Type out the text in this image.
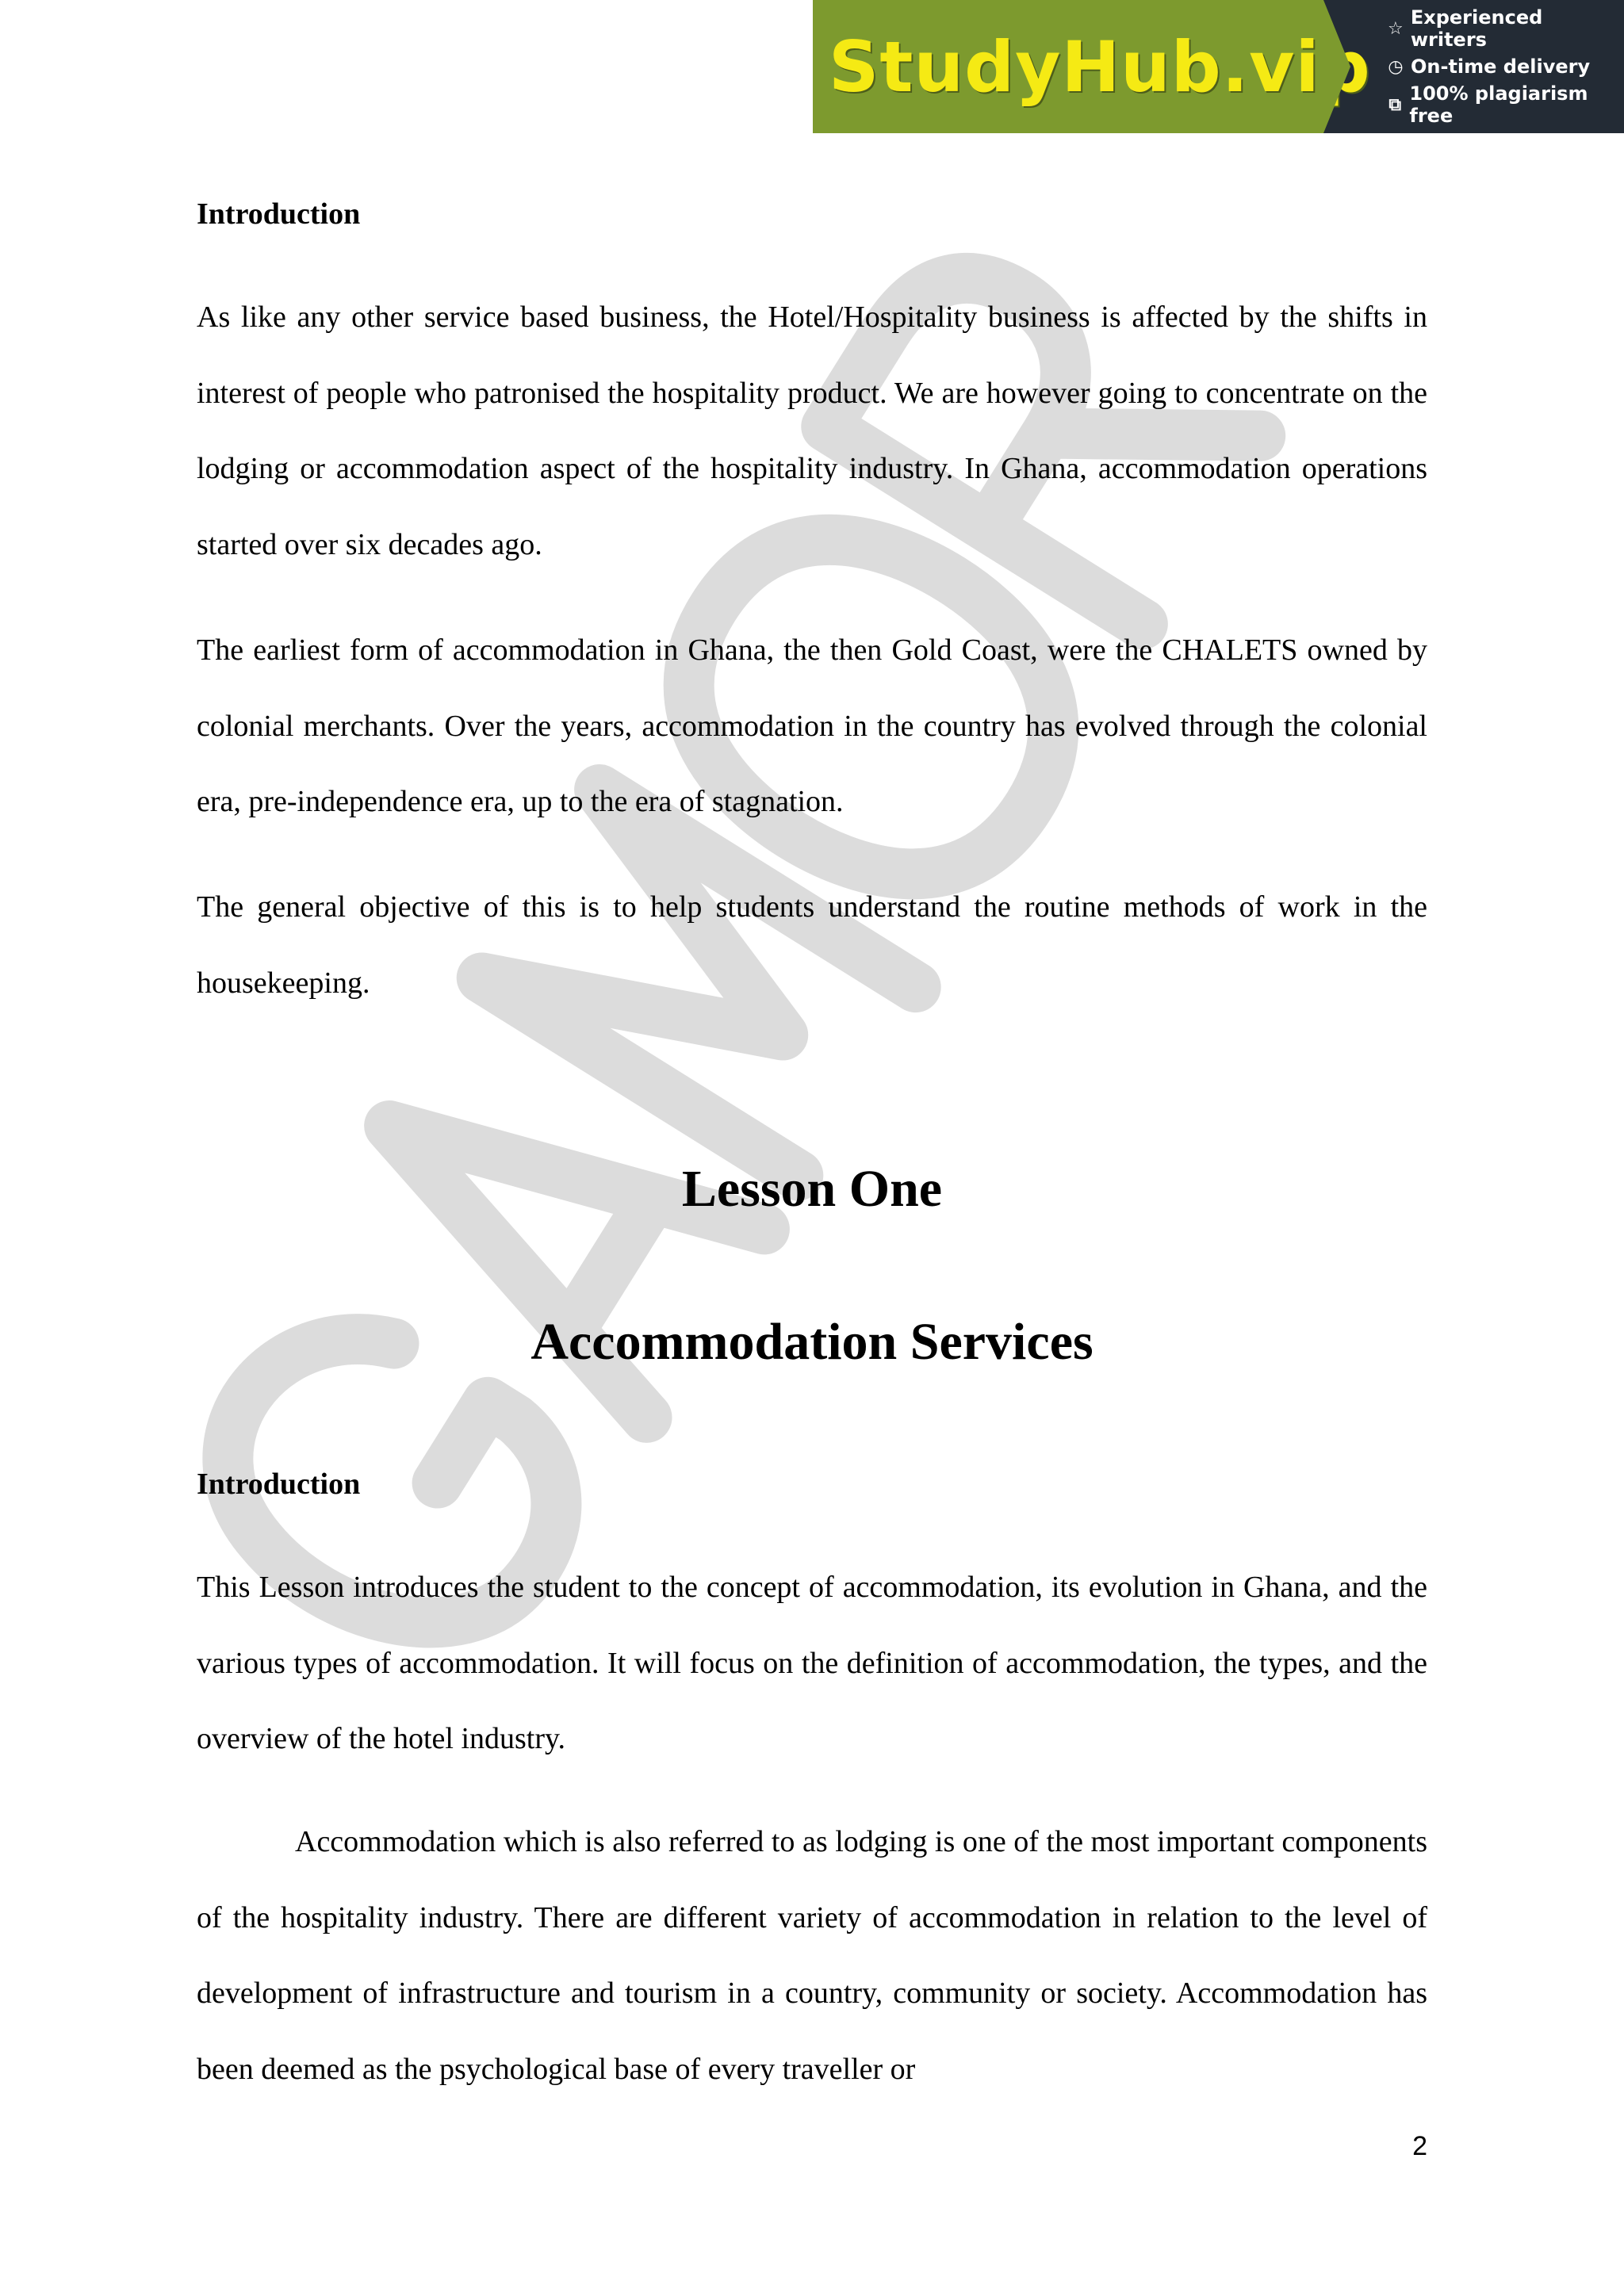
StudyHub.vip ☆ Experienced writers
◷ On-time delivery
⧉ 100% plagiarism free
Introduction

As like any other service based business, the Hotel/Hospitality business is affected by the shifts in interest of people who patronised the hospitality product. We are however going to concentrate on the lodging or accommodation aspect of the hospitality industry. In Ghana, accommodation operations started over six decades ago.

The earliest form of accommodation in Ghana, the then Gold Coast, were the CHALETS owned by colonial merchants. Over the years, accommodation in the country has evolved through the colonial era, pre-independence era, up to the era of stagnation.

The general objective of this is to help students understand the routine methods of work in the housekeeping.

Lesson One
Accommodation Services
Introduction

This Lesson introduces the student to the concept of accommodation, its evolution in Ghana, and the various types of accommodation. It will focus on the definition of accommodation, the types, and the overview of the hotel industry.

Accommodation which is also referred to as lodging is one of the most important components of the hospitality industry. There are different variety of accommodation in relation to the level of development of infrastructure and tourism in a country, community or society. Accommodation has been deemed as the psychological base of every traveller or

2
